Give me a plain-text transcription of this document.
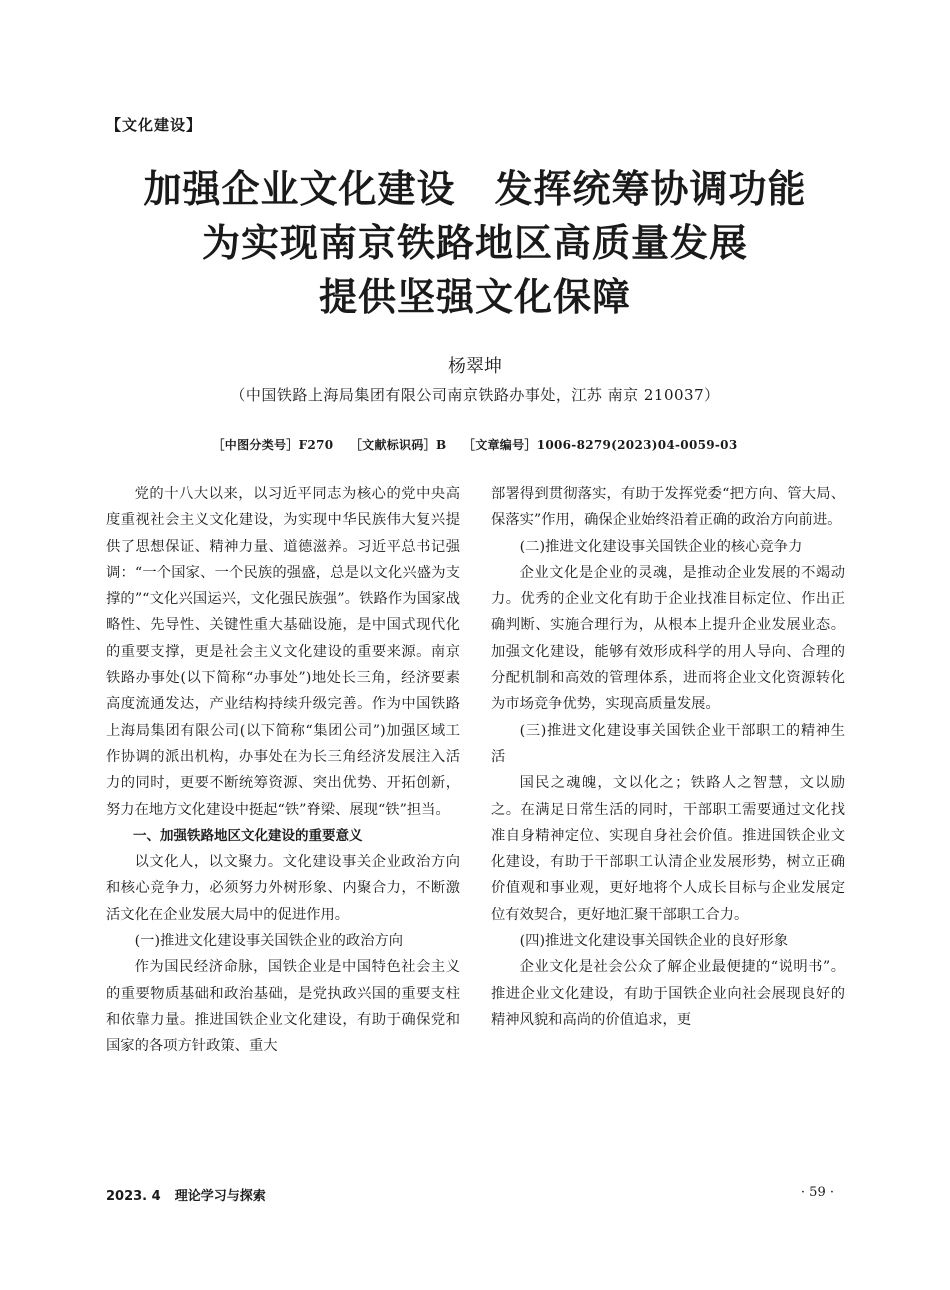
【文化建设】
加强企业文化建设　发挥统筹协调功能
为实现南京铁路地区高质量发展
提供坚强文化保障
杨翠坤
（中国铁路上海局集团有限公司南京铁路办事处，江苏 南京 210037）
［中图分类号］F270 ［文献标识码］B ［文章编号］1006-8279(2023)04-0059-03

党的十八大以来，以习近平同志为核心的党中央高度重视社会主义文化建设，为实现中华民族伟大复兴提供了思想保证、精神力量、道德滋养。习近平总书记强调：“一个国家、一个民族的强盛，总是以文化兴盛为支撑的”“文化兴国运兴，文化强民族强”。铁路作为国家战略性、先导性、关键性重大基础设施，是中国式现代化的重要支撑，更是社会主义文化建设的重要来源。南京铁路办事处(以下简称“办事处”)地处长三角，经济要素高度流通发达，产业结构持续升级完善。作为中国铁路上海局集团有限公司(以下简称“集团公司”)加强区域工作协调的派出机构，办事处在为长三角经济发展注入活力的同时，更要不断统筹资源、突出优势、开拓创新，努力在地方文化建设中挺起“铁”脊梁、展现“铁”担当。

一、加强铁路地区文化建设的重要意义

以文化人，以文聚力。文化建设事关企业政治方向和核心竞争力，必须努力外树形象、内聚合力，不断激活文化在企业发展大局中的促进作用。

(一)推进文化建设事关国铁企业的政治方向

作为国民经济命脉，国铁企业是中国特色社会主义的重要物质基础和政治基础，是党执政兴国的重要支柱和依靠力量。推进国铁企业文化建设，有助于确保党和国家的各项方针政策、重大

部署得到贯彻落实，有助于发挥党委“把方向、管大局、保落实”作用，确保企业始终沿着正确的政治方向前进。

(二)推进文化建设事关国铁企业的核心竞争力

企业文化是企业的灵魂，是推动企业发展的不竭动力。优秀的企业文化有助于企业找准目标定位、作出正确判断、实施合理行为，从根本上提升企业发展业态。加强文化建设，能够有效形成科学的用人导向、合理的分配机制和高效的管理体系，进而将企业文化资源转化为市场竞争优势，实现高质量发展。

(三)推进文化建设事关国铁企业干部职工的精神生活

国民之魂魄，文以化之；铁路人之智慧，文以励之。在满足日常生活的同时，干部职工需要通过文化找准自身精神定位、实现自身社会价值。推进国铁企业文化建设，有助于干部职工认清企业发展形势，树立正确价值观和事业观，更好地将个人成长目标与企业发展定位有效契合，更好地汇聚干部职工合力。

(四)推进文化建设事关国铁企业的良好形象

企业文化是社会公众了解企业最便捷的“说明书”。推进企业文化建设，有助于国铁企业向社会展现良好的精神风貌和高尚的价值追求，更

2023. 4 理论学习与探索	· 59 ·
